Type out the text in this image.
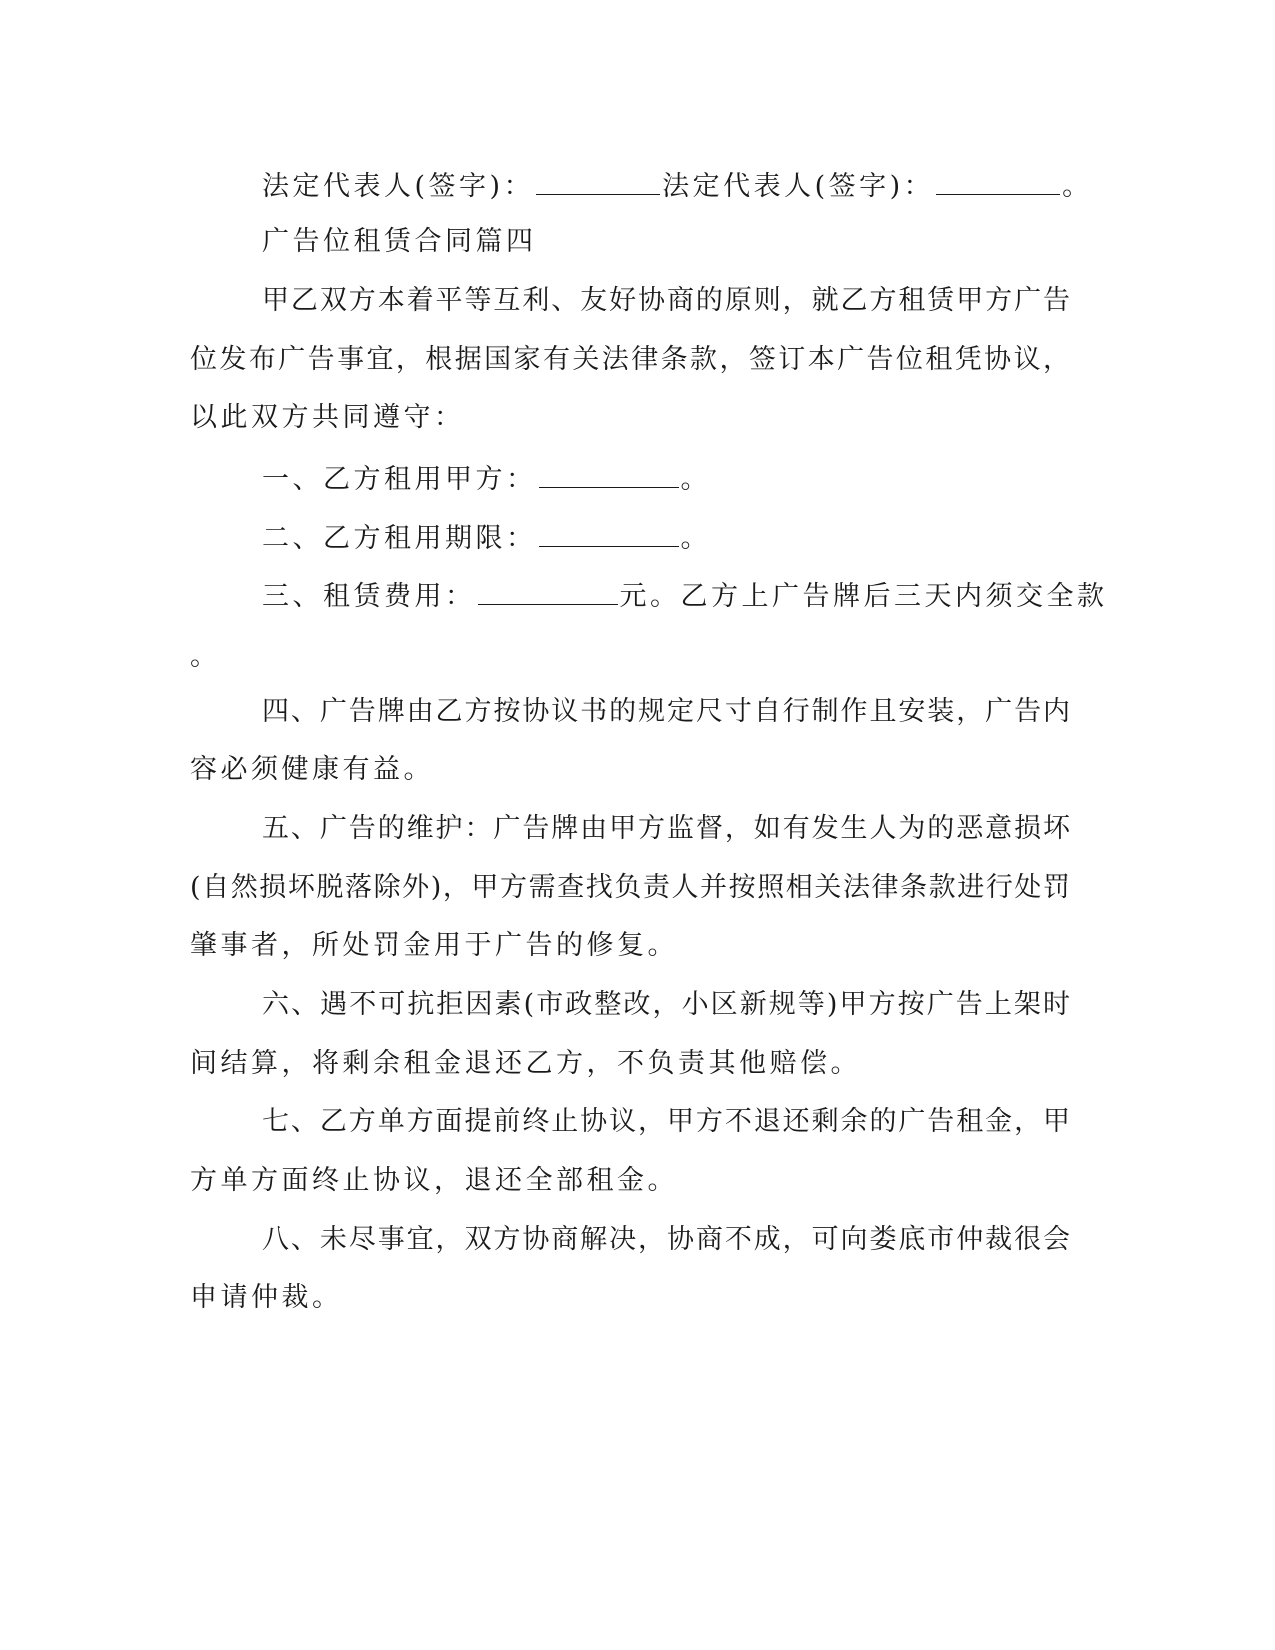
法定代表人(签字)：	法定代表人(签字)：	。
广告位租赁合同篇四
甲乙双方本着平等互利、友好协商的原则，就乙方租赁甲方广告
位发布广告事宜，根据国家有关法律条款，签订本广告位租凭协议，
以此双方共同遵守：
一、乙方租用甲方：	。
二、乙方租用期限：	。
三、租赁费用：	元。乙方上广告牌后三天内须交全款
。
四、广告牌由乙方按协议书的规定尺寸自行制作且安装，广告内
容必须健康有益。
五、广告的维护：广告牌由甲方监督，如有发生人为的恶意损坏
(自然损坏脱落除外)，甲方需查找负责人并按照相关法律条款进行处罚
肇事者，所处罚金用于广告的修复。
六、遇不可抗拒因素(市政整改，小区新规等)甲方按广告上架时
间结算，将剩余租金退还乙方，不负责其他赔偿。
七、乙方单方面提前终止协议，甲方不退还剩余的广告租金，甲
方单方面终止协议，退还全部租金。
八、未尽事宜，双方协商解决，协商不成，可向娄底市仲裁很会
申请仲裁。
